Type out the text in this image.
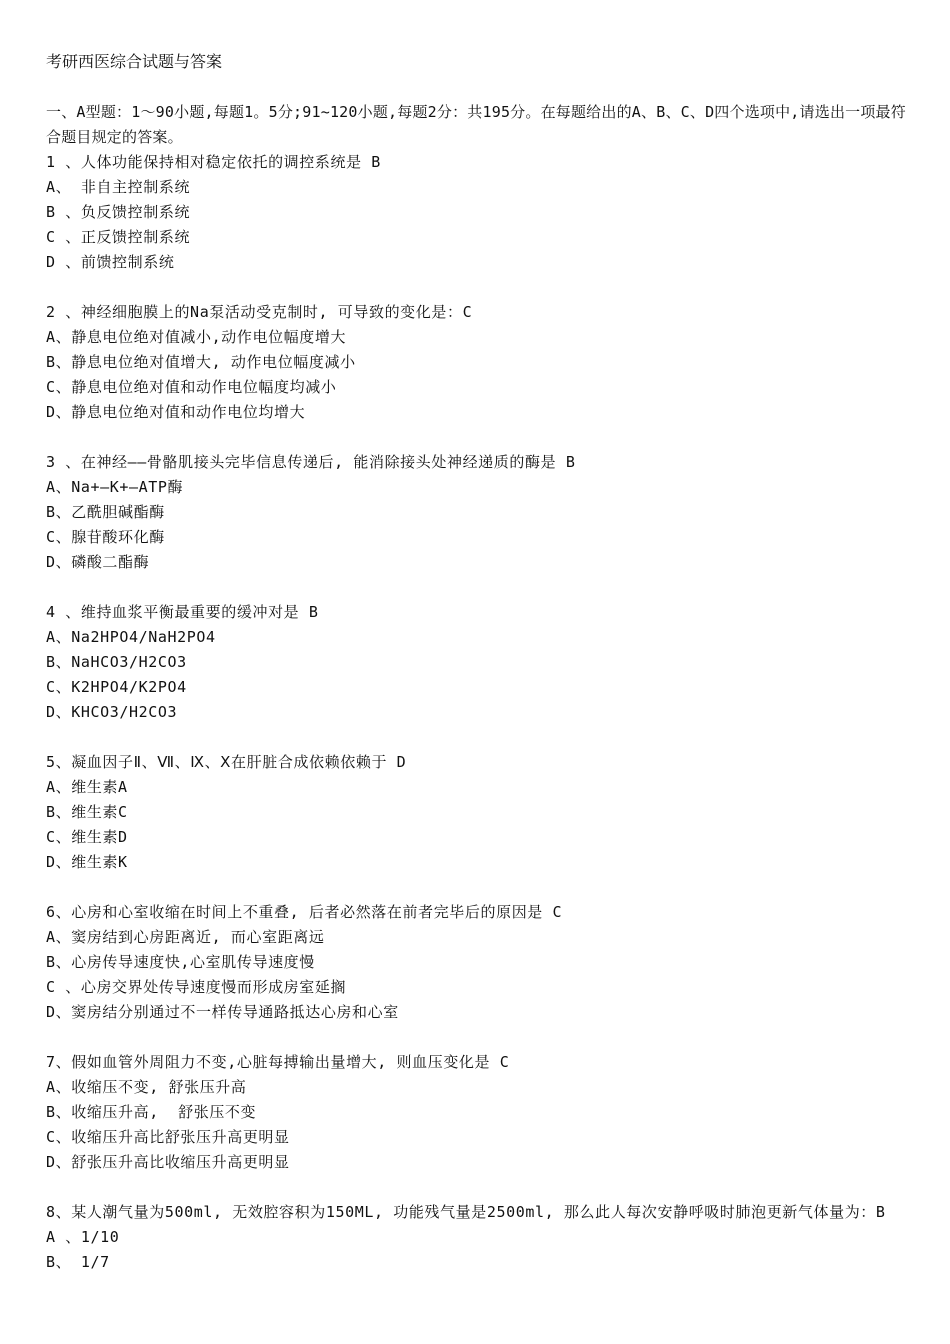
考研西医综合试题与答案

一、A型题：1～90小题,每题1。5分;91~120小题,每题2分：共195分。在每题给出的A、B、C、D四个选项中,请选出一项最符合题目规定的答案。

1 、人体功能保持相对稳定依托的调控系统是 B
A、 非自主控制系统
B 、负反馈控制系统
C 、正反馈控制系统
D 、前馈控制系统
2 、神经细胞膜上的Na泵活动受克制时, 可导致的变化是：C
A、静息电位绝对值减小,动作电位幅度增大
B、静息电位绝对值增大, 动作电位幅度减小
C、静息电位绝对值和动作电位幅度均减小
D、静息电位绝对值和动作电位均增大
3 、在神经——骨骼肌接头完毕信息传递后, 能消除接头处神经递质的酶是 B
A、Na+—K+—ATP酶
B、乙酰胆碱酯酶
C、腺苷酸环化酶
D、磷酸二酯酶
4 、维持血浆平衡最重要的缓冲对是 B
A、Na2HPO4/NaH2PO4
B、NaHCO3/H2CO3
C、K2HPO4/K2PO4
D、KHCO3/H2CO3
5、凝血因子Ⅱ、Ⅶ、Ⅸ、Ⅹ在肝脏合成依赖依赖于 D
A、维生素A
B、维生素C
C、维生素D
D、维生素K
6、心房和心室收缩在时间上不重叠, 后者必然落在前者完毕后的原因是 C
A、窦房结到心房距离近, 而心室距离远
B、心房传导速度快,心室肌传导速度慢
C 、心房交界处传导速度慢而形成房室延搁
D、窦房结分别通过不一样传导通路抵达心房和心室
7、假如血管外周阻力不变,心脏每搏输出量增大, 则血压变化是 C
A、收缩压不变, 舒张压升高
B、收缩压升高,  舒张压不变
C、收缩压升高比舒张压升高更明显
D、舒张压升高比收缩压升高更明显
8、某人潮气量为500ml, 无效腔容积为150ML, 功能残气量是2500ml, 那么此人每次安静呼吸时肺泡更新气体量为：B
A 、1/10
B、 1/7
